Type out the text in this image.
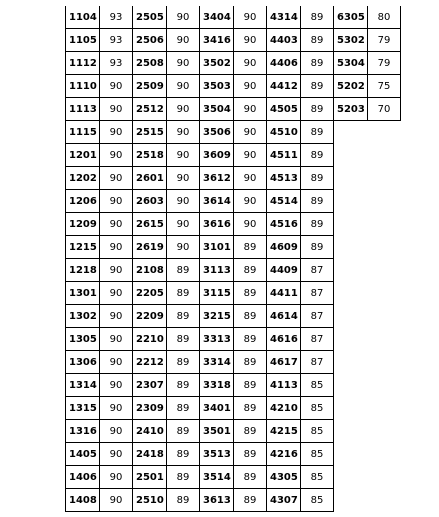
1104	93	2505	90	3404	90	4314	89	6305	80
1105	93	2506	90	3416	90	4403	89	5302	79
1112	93	2508	90	3502	90	4406	89	5304	79
1110	90	2509	90	3503	90	4412	89	5202	75
1113	90	2512	90	3504	90	4505	89	5203	70
1115	90	2515	90	3506	90	4510	89		
1201	90	2518	90	3609	90	4511	89		
1202	90	2601	90	3612	90	4513	89		
1206	90	2603	90	3614	90	4514	89		
1209	90	2615	90	3616	90	4516	89		
1215	90	2619	90	3101	89	4609	89		
1218	90	2108	89	3113	89	4409	87		
1301	90	2205	89	3115	89	4411	87		
1302	90	2209	89	3215	89	4614	87		
1305	90	2210	89	3313	89	4616	87		
1306	90	2212	89	3314	89	4617	87		
1314	90	2307	89	3318	89	4113	85		
1315	90	2309	89	3401	89	4210	85		
1316	90	2410	89	3501	89	4215	85		
1405	90	2418	89	3513	89	4216	85		
1406	90	2501	89	3514	89	4305	85		
1408	90	2510	89	3613	89	4307	85		
